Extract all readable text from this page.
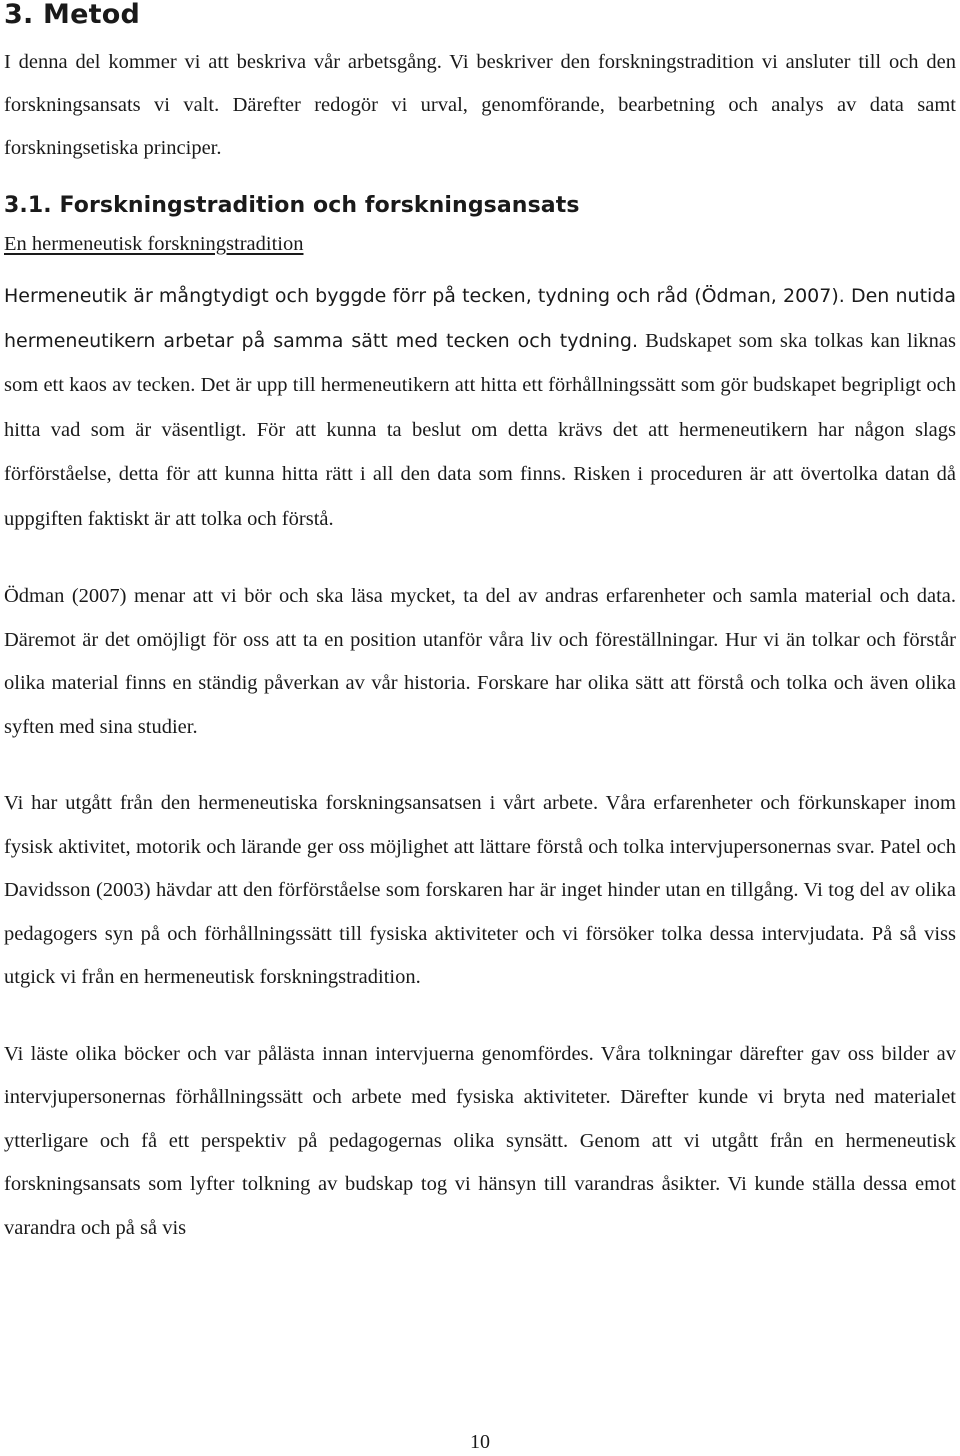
3. Metod

I denna del kommer vi att beskriva vår arbetsgång. Vi beskriver den forskningstradition vi ansluter till och den forskningsansats vi valt. Därefter redogör vi urval, genomförande, bearbetning och analys av data samt forskningsetiska principer.

3.1. Forskningstradition och forskningsansats
En hermeneutisk forskningstradition

Hermeneutik är mångtydigt och byggde förr på tecken, tydning och råd (Ödman, 2007). Den nutida hermeneutikern arbetar på samma sätt med tecken och tydning. Budskapet som ska tolkas kan liknas som ett kaos av tecken. Det är upp till hermeneutikern att hitta ett förhållningssätt som gör budskapet begripligt och hitta vad som är väsentligt. För att kunna ta beslut om detta krävs det att hermeneutikern har någon slags förförståelse, detta för att kunna hitta rätt i all den data som finns. Risken i proceduren är att övertolka datan då uppgiften faktiskt är att tolka och förstå.

Ödman (2007) menar att vi bör och ska läsa mycket, ta del av andras erfarenheter och samla material och data. Däremot är det omöjligt för oss att ta en position utanför våra liv och föreställningar. Hur vi än tolkar och förstår olika material finns en ständig påverkan av vår historia. Forskare har olika sätt att förstå och tolka och även olika syften med sina studier.

Vi har utgått från den hermeneutiska forskningsansatsen i vårt arbete. Våra erfarenheter och förkunskaper inom fysisk aktivitet, motorik och lärande ger oss möjlighet att lättare förstå och tolka intervjupersonernas svar. Patel och Davidsson (2003) hävdar att den förförståelse som forskaren har är inget hinder utan en tillgång. Vi tog del av olika pedagogers syn på och förhållningssätt till fysiska aktiviteter och vi försöker tolka dessa intervjudata. På så viss utgick vi från en hermeneutisk forskningstradition.

Vi läste olika böcker och var pålästa innan intervjuerna genomfördes. Våra tolkningar därefter gav oss bilder av intervjupersonernas förhållningssätt och arbete med fysiska aktiviteter. Därefter kunde vi bryta ned materialet ytterligare och få ett perspektiv på pedagogernas olika synsätt. Genom att vi utgått från en hermeneutisk forskningsansats som lyfter tolkning av budskap tog vi hänsyn till varandras åsikter. Vi kunde ställa dessa emot varandra och på så vis

10
